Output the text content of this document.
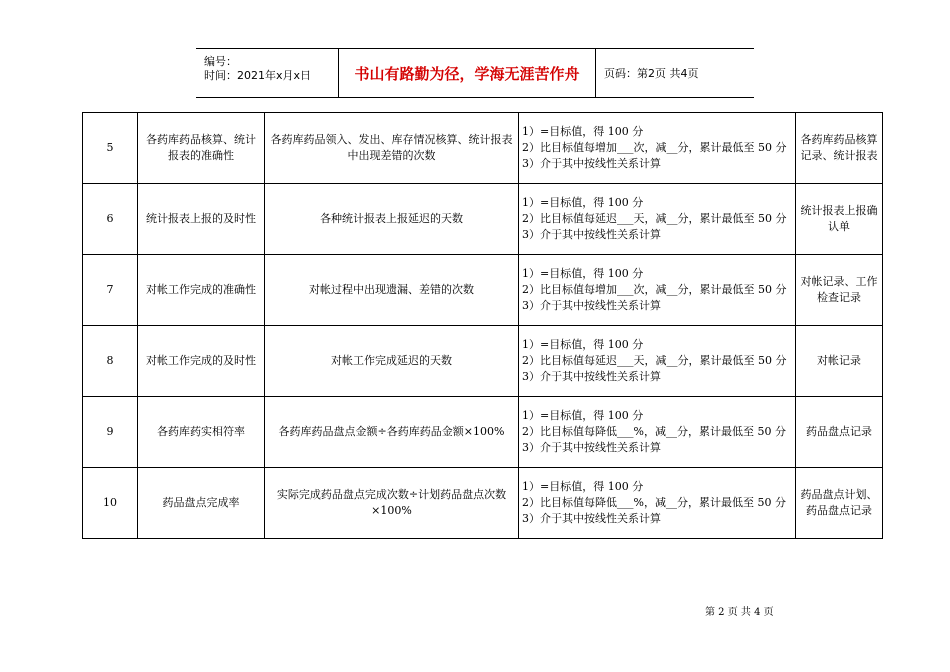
编号：
时间：2021年x月x日	书山有路勤为径，学海无涯苦作舟	页码：第2页 共4页
5	各药库药品核算、统计报表的准确性	各药库药品领入、发出、库存情况核算、统计报表中出现差错的次数	1）=目标值，得 100 分
2）比目标值每增加___次，减__分，累计最低至 50 分
3）介于其中按线性关系计算	各药库药品核算记录、统计报表
6	统计报表上报的及时性	各种统计报表上报延迟的天数	1）=目标值，得 100 分
2）比目标值每延迟___天，减__分，累计最低至 50 分
3）介于其中按线性关系计算	统计报表上报确认单
7	对帐工作完成的准确性	对帐过程中出现遗漏、差错的次数	1）=目标值，得 100 分
2）比目标值每增加___次，减__分，累计最低至 50 分
3）介于其中按线性关系计算	对帐记录、工作检查记录
8	对帐工作完成的及时性	对帐工作完成延迟的天数	1）=目标值，得 100 分
2）比目标值每延迟___天，减__分，累计最低至 50 分
3）介于其中按线性关系计算	对帐记录
9	各药库药实相符率	各药库药品盘点金额÷各药库药品金额×100%	1）=目标值，得 100 分
2）比目标值每降低___%，减__分，累计最低至 50 分
3）介于其中按线性关系计算	药品盘点记录
10	药品盘点完成率	实际完成药品盘点完成次数÷计划药品盘点次数×100%	1）=目标值，得 100 分
2）比目标值每降低___%，减__分，累计最低至 50 分
3）介于其中按线性关系计算	药品盘点计划、药品盘点记录
第 2 页 共 4 页
